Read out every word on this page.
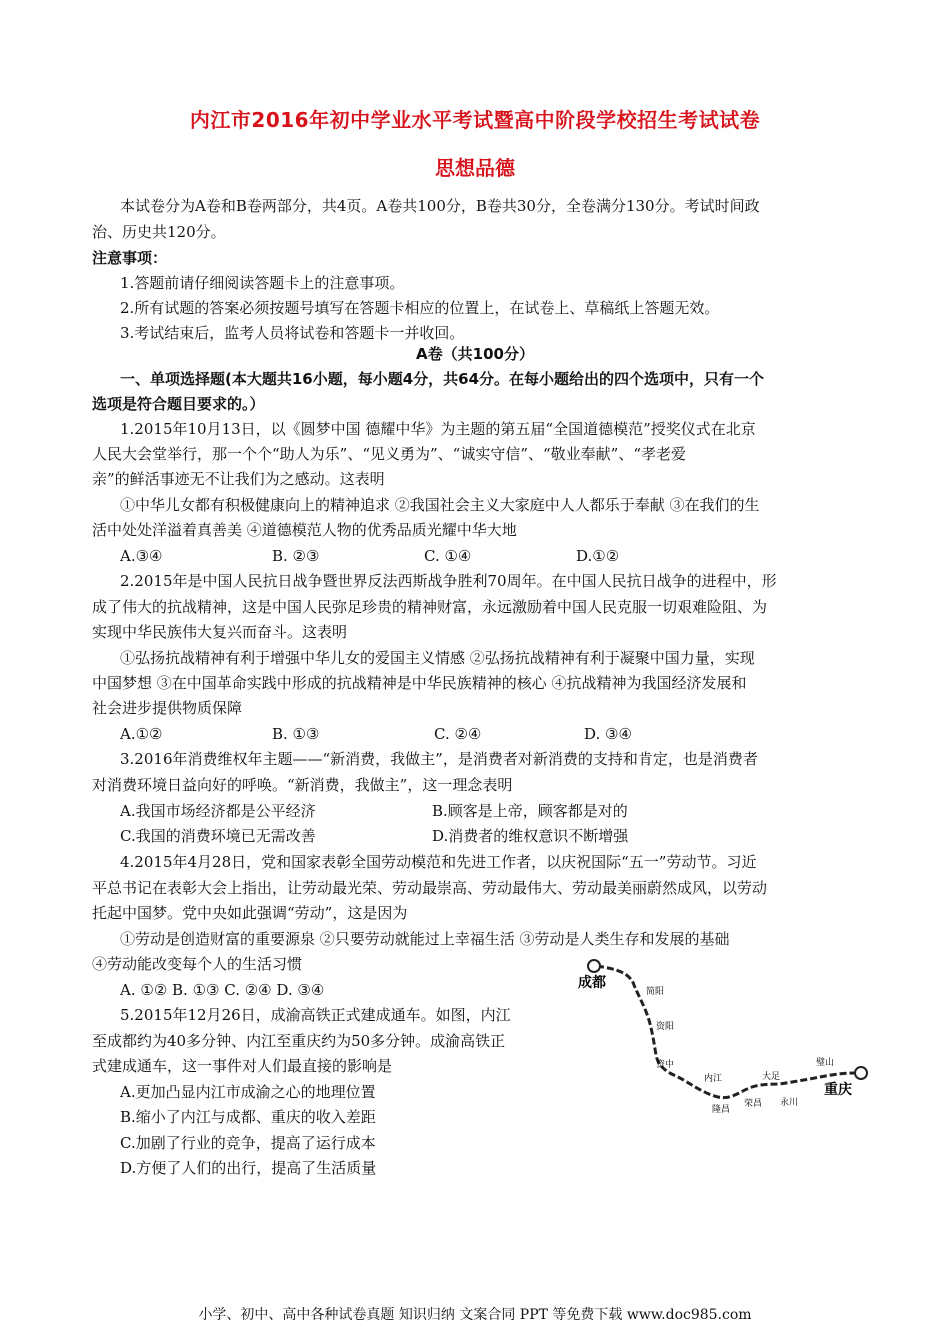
内江市2016年初中学业水平考试暨高中阶段学校招生考试试卷
思想品德
本试卷分为A卷和B卷两部分，共4页。A卷共100分，B卷共30分，全卷满分130分。考试时间政
治、历史共120分。
注意事项：
1.答题前请仔细阅读答题卡上的注意事项。
2.所有试题的答案必须按题号填写在答题卡相应的位置上，在试卷上、草稿纸上答题无效。
3.考试结束后，监考人员将试卷和答题卡一并收回。
A卷（共100分）
一、单项选择题(本大题共16小题，每小题4分，共64分。在每小题给出的四个选项中，只有一个
选项是符合题目要求的。）
1.2015年10月13日，以《圆梦中国 德耀中华》为主题的第五届“全国道德模范”授奖仪式在北京
人民大会堂举行，那一个个“助人为乐”、“见义勇为”、“诚实守信”、“敬业奉献”、“孝老爱
亲”的鲜活事迹无不让我们为之感动。这表明
①中华儿女都有积极健康向上的精神追求 ②我国社会主义大家庭中人人都乐于奉献 ③在我们的生
活中处处洋溢着真善美 ④道德模范人物的优秀品质光耀中华大地
A.③④	B. ②③	C. ①④	D.①②
2.2015年是中国人民抗日战争暨世界反法西斯战争胜利70周年。在中国人民抗日战争的进程中，形
成了伟大的抗战精神，这是中国人民弥足珍贵的精神财富，永远激励着中国人民克服一切艰难险阻、为
实现中华民族伟大复兴而奋斗。这表明
①弘扬抗战精神有利于增强中华儿女的爱国主义情感 ②弘扬抗战精神有利于凝聚中国力量，实现
中国梦想 ③在中国革命实践中形成的抗战精神是中华民族精神的核心 ④抗战精神为我国经济发展和
社会进步提供物质保障
A.①②	B. ①③	C. ②④	D. ③④
3.2016年消费维权年主题——“新消费，我做主”，是消费者对新消费的支持和肯定，也是消费者
对消费环境日益向好的呼唤。“新消费，我做主”，这一理念表明
A.我国市场经济都是公平经济	B.顾客是上帝，顾客都是对的
C.我国的消费环境已无需改善	D.消费者的维权意识不断增强
4.2015年4月28日，党和国家表彰全国劳动模范和先进工作者，以庆祝国际“五一”劳动节。习近
平总书记在表彰大会上指出，让劳动最光荣、劳动最崇高、劳动最伟大、劳动最美丽蔚然成风，以劳动
托起中国梦。党中央如此强调“劳动”，这是因为
①劳动是创造财富的重要源泉 ②只要劳动就能过上幸福生活 ③劳动是人类生存和发展的基础
④劳动能改变每个人的生活习惯
A. ①② B. ①③ C. ②④ D. ③④
5.2015年12月26日，成渝高铁正式建成通车。如图，内江
至成都约为40多分钟、内江至重庆约为50多分钟。成渝高铁正
式建成通车，这一事件对人们最直接的影响是
A.更加凸显内江市成渝之心的地理位置
B.缩小了内江与成都、重庆的收入差距
C.加剧了行业的竞争，提高了运行成本
D.方便了人们的出行，提高了生活质量
成都
重庆
简阳
资阳
资中
内江
隆昌
荣昌
大足
永川
璧山
小学、初中、高中各种试卷真题 知识归纳 文案合同 PPT 等免费下载 www.doc985.com
